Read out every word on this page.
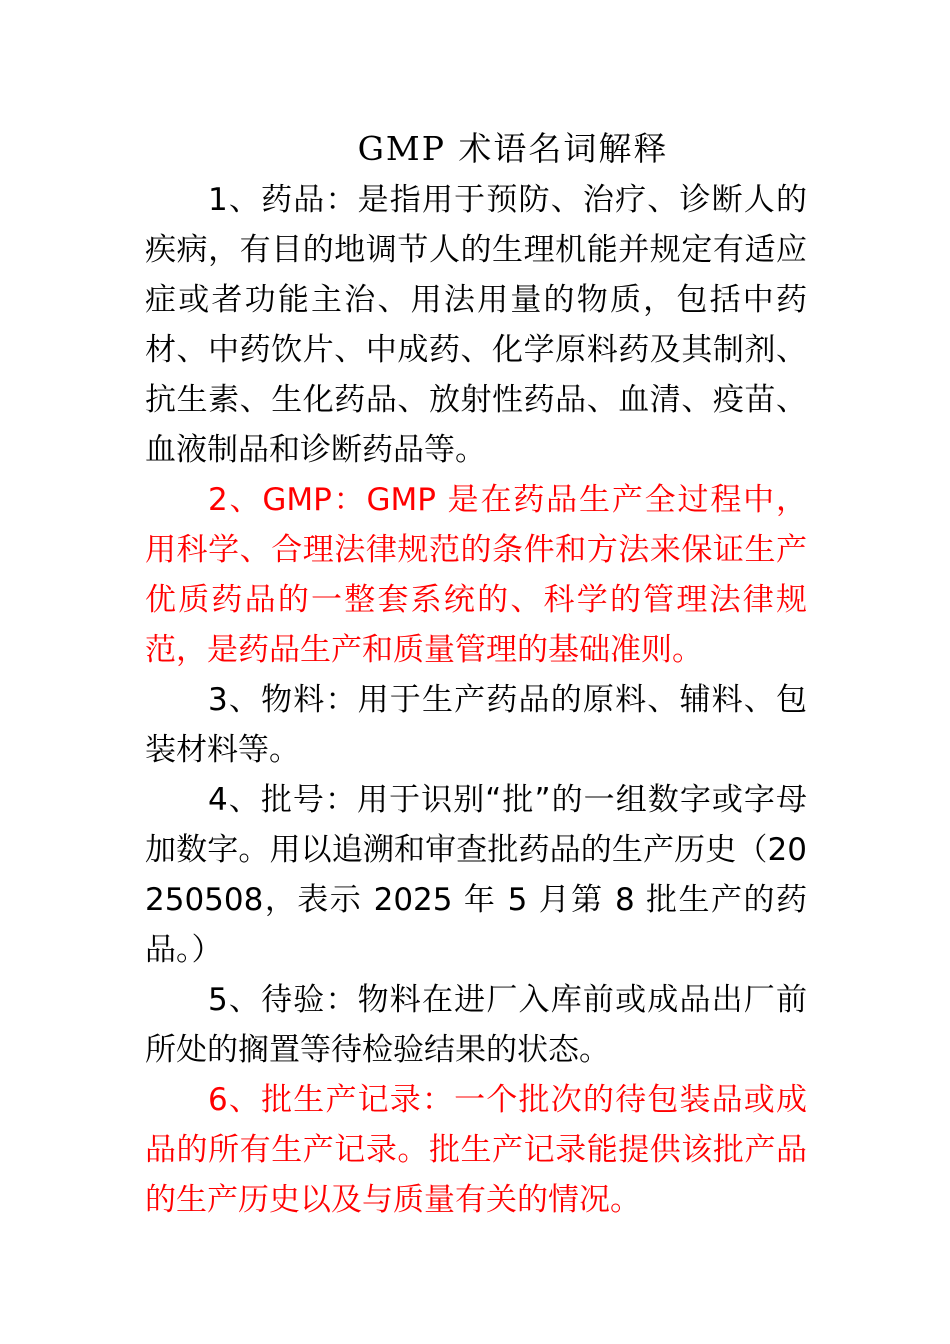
GMP 术语名词解释

1、药品：是指用于预防、治疗、诊断人的疾病，有目的地调节人的生理机能并规定有适应症或者功能主治、用法用量的物质，包括中药材、中药饮片、中成药、化学原料药及其制剂、抗生素、生化药品、放射性药品、血清、疫苗、血液制品和诊断药品等。

2、GMP：GMP 是在药品生产全过程中，用科学、合理法律规范的条件和方法来保证生产优质药品的一整套系统的、科学的管理法律规范，是药品生产和质量管理的基础准则。

3、物料：用于生产药品的原料、辅料、包装材料等。

4、批号：用于识别“批”的一组数字或字母加数字。用以追溯和审查批药品的生产历史（20250508，表示 2025 年 5 月第 8 批生产的药品。）

5、待验：物料在进厂入库前或成品出厂前所处的搁置等待检验结果的状态。

6、批生产记录：一个批次的待包装品或成品的所有生产记录。批生产记录能提供该批产品的生产历史以及与质量有关的情况。
